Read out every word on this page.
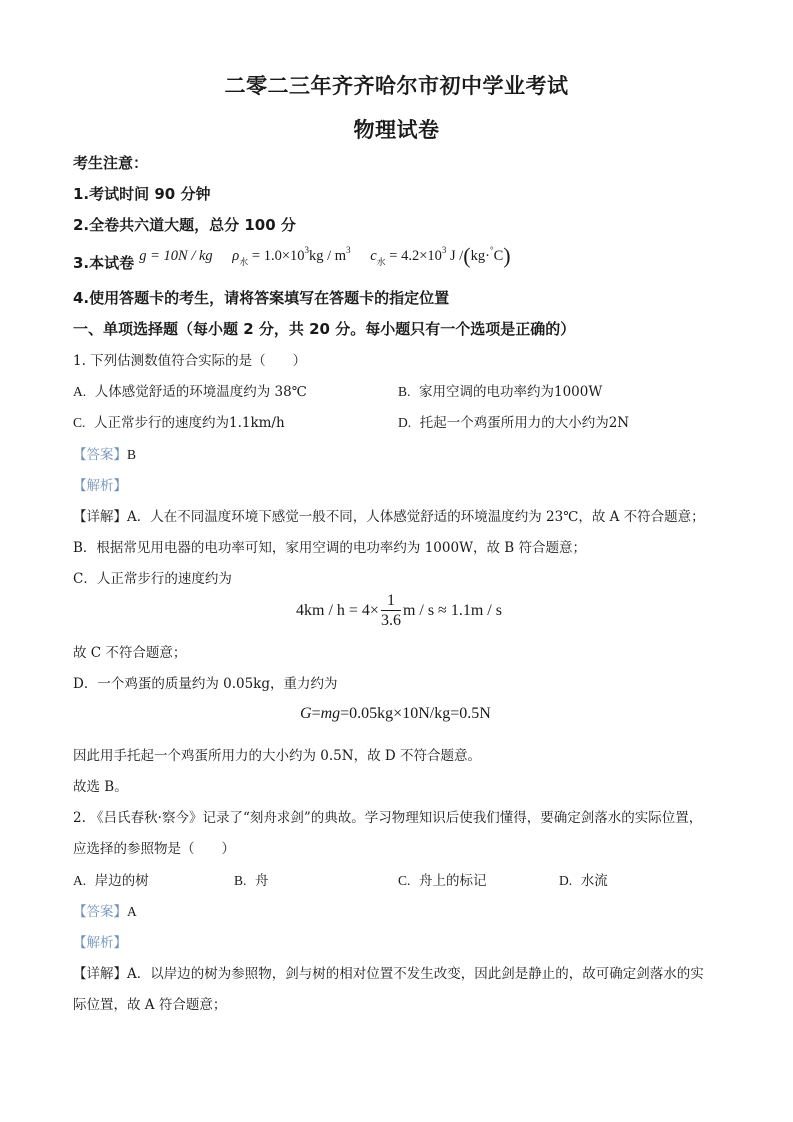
二零二三年齐齐哈尔市初中学业考试
物理试卷
考生注意：
1.考试时间 90 分钟
2.全卷共六道大题，总分 100 分
3.本试卷 g = 10N / kg $\rho_水 = 1.0\times 10^3kg / m^3$ $c_水 = 4.2\times 10^3$ J /(kg·°C)
4.使用答题卡的考生，请将答案填写在答题卡的指定位置
一、单项选择题（每小题 2 分，共 20 分。每小题只有一个选项是正确的）
1. 下列估测数值符合实际的是（　　）
A. 人体感觉舒适的环境温度约为 38℃	B. 家用空调的电功率约为1000W
C. 人正常步行的速度约为1.1km/h	D. 托起一个鸡蛋所用力的大小约为2N
【答案】B
【解析】
【详解】A．人在不同温度环境下感觉一般不同，人体感觉舒适的环境温度约为 23℃，故 A 不符合题意；
B．根据常见用电器的电功率可知，家用空调的电功率约为 1000W，故 B 符合题意；
C．人正常步行的速度约为
$4km / h = 4\times \frac{1}{3.6}$ m / s ≈ 1.1m / s
故 C 不符合题意；
D．一个鸡蛋的质量约为 0.05kg，重力约为
G=mg=0.05kg×10N/kg=0.5N
因此用手托起一个鸡蛋所用力的大小约为 0.5N，故 D 不符合题意。
故选 B。
2. 《吕氏春秋·察今》记录了“刻舟求剑”的典故。学习物理知识后使我们懂得，要确定剑落水的实际位置，
应选择的参照物是（　　）
A. 岸边的树	B. 舟	C. 舟上的标记	D. 水流
【答案】A
【解析】
【详解】A．以岸边的树为参照物，剑与树的相对位置不发生改变，因此剑是静止的，故可确定剑落水的实
际位置，故 A 符合题意；
